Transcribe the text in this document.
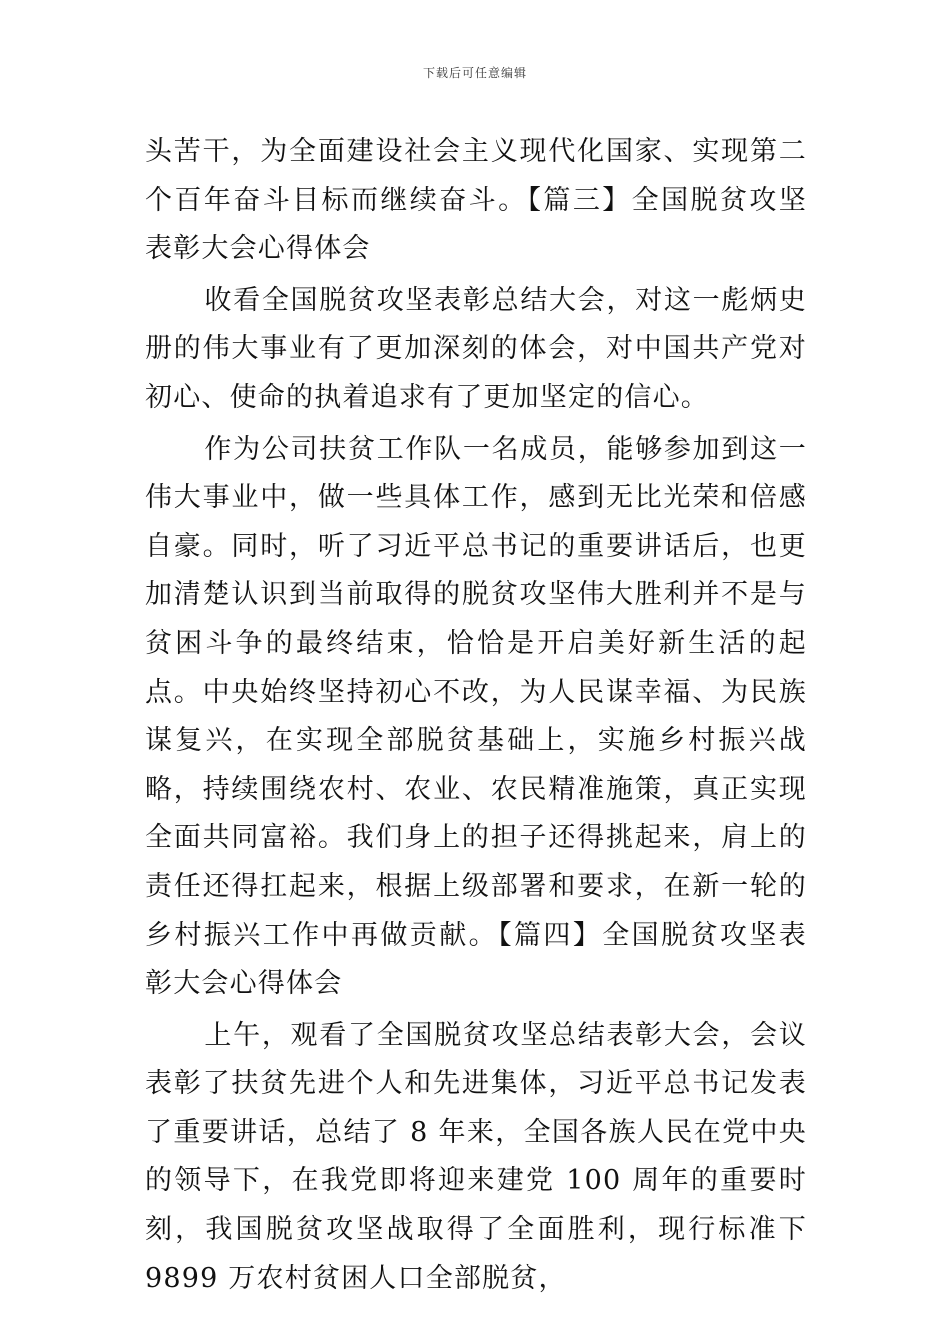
下载后可任意编辑

头苦干，为全面建设社会主义现代化国家、实现第二个百年奋斗目标而继续奋斗。【篇三】全国脱贫攻坚表彰大会心得体会

收看全国脱贫攻坚表彰总结大会，对这一彪炳史册的伟大事业有了更加深刻的体会，对中国共产党对初心、使命的执着追求有了更加坚定的信心。

作为公司扶贫工作队一名成员，能够参加到这一伟大事业中，做一些具体工作，感到无比光荣和倍感自豪。同时，听了习近平总书记的重要讲话后，也更加清楚认识到当前取得的脱贫攻坚伟大胜利并不是与贫困斗争的最终结束，恰恰是开启美好新生活的起点。中央始终坚持初心不改，为人民谋幸福、为民族谋复兴，在实现全部脱贫基础上，实施乡村振兴战略，持续围绕农村、农业、农民精准施策，真正实现全面共同富裕。我们身上的担子还得挑起来，肩上的责任还得扛起来，根据上级部署和要求，在新一轮的乡村振兴工作中再做贡献。【篇四】全国脱贫攻坚表彰大会心得体会

上午，观看了全国脱贫攻坚总结表彰大会，会议表彰了扶贫先进个人和先进集体，习近平总书记发表了重要讲话，总结了 8 年来，全国各族人民在党中央的领导下，在我党即将迎来建党 100 周年的重要时刻，我国脱贫攻坚战取得了全面胜利，现行标准下 9899 万农村贫困人口全部脱贫，
